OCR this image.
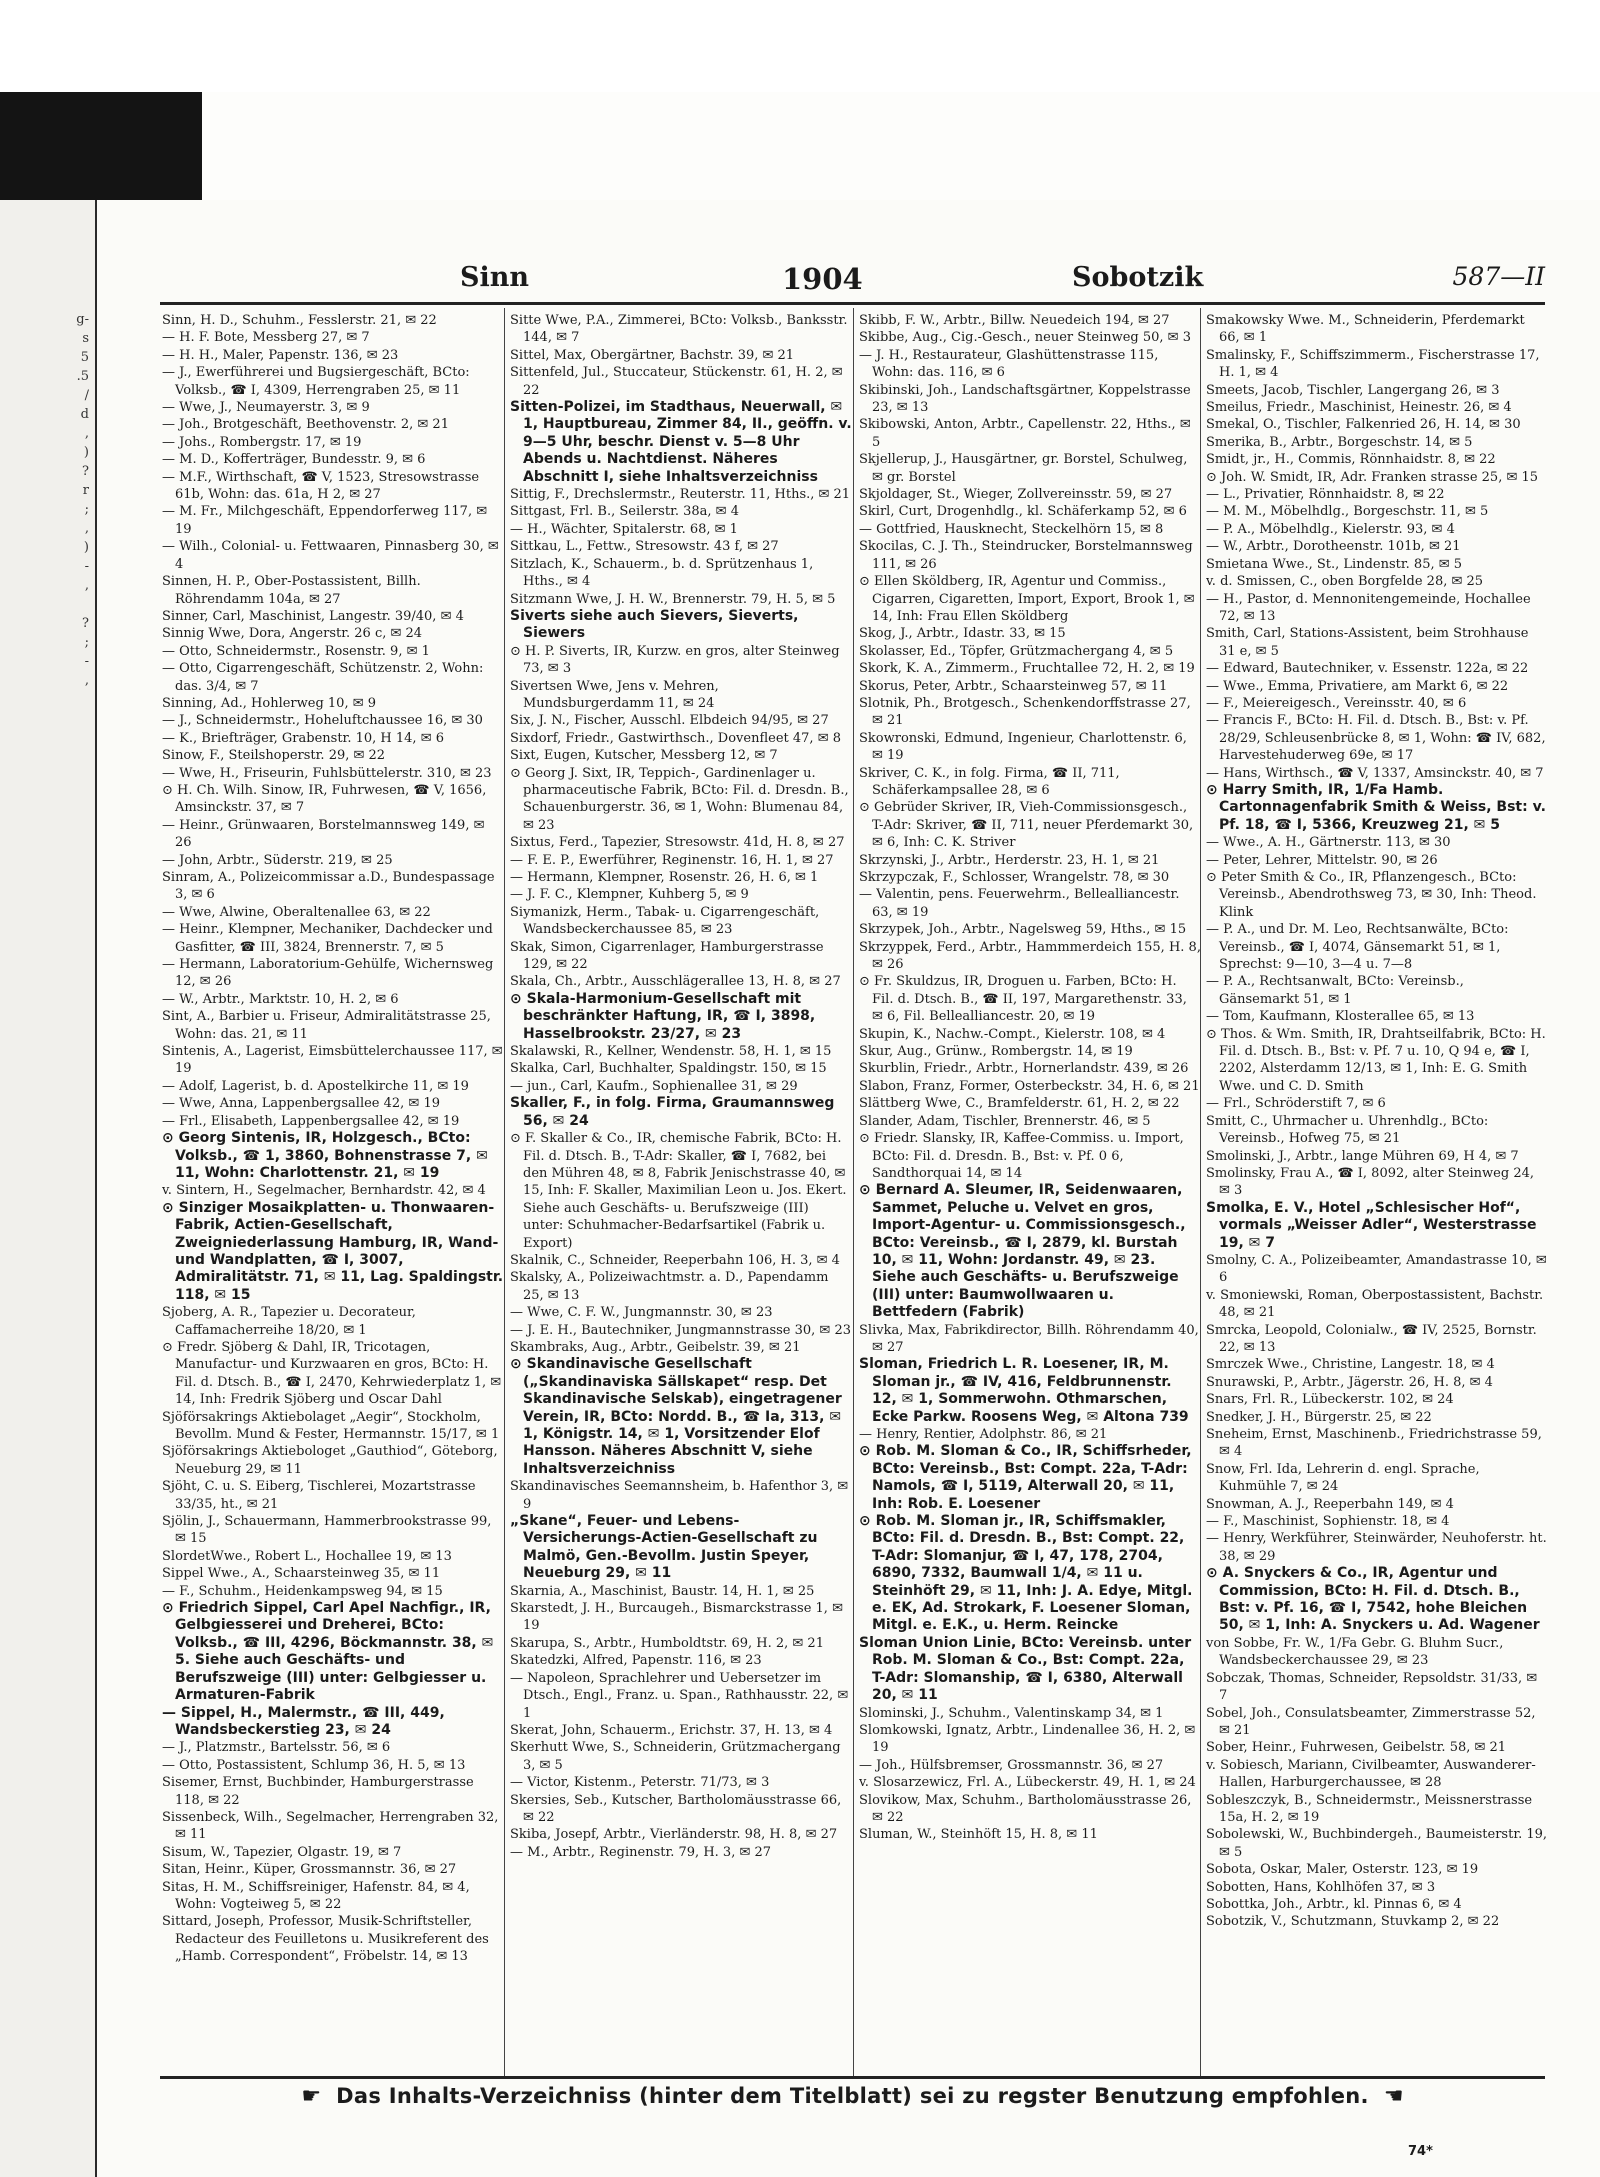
g-
s
5
.5
/
d
,
)
?
r
;
,
)
-
,

?
;
-
,
Sinn	1904	Sobotzik	587—II

Sinn, H. D., Schuhm., Fesslerstr. 21, ✉ 22

— H. F. Bote, Messberg 27, ✉ 7

— H. H., Maler, Papenstr. 136, ✉ 23

— J., Ewerführerei und Bugsiergeschäft, BCto: Volksb., ☎ I, 4309, Herrengraben 25, ✉ 11

— Wwe, J., Neumayerstr. 3, ✉ 9

— Joh., Brotgeschäft, Beethovenstr. 2, ✉ 21

— Johs., Rombergstr. 17, ✉ 19

— M. D., Kofferträger, Bundesstr. 9, ✉ 6

— M.F., Wirthschaft, ☎ V, 1523, Stresowstrasse 61b, Wohn: das. 61a, H 2, ✉ 27

— M. Fr., Milchgeschäft, Eppendorferweg 117, ✉ 19

— Wilh., Colonial- u. Fettwaaren, Pinnasberg 30, ✉ 4

Sinnen, H. P., Ober-Postassistent, Billh. Röhrendamm 104a, ✉ 27

Sinner, Carl, Maschinist, Langestr. 39/40, ✉ 4

Sinnig Wwe, Dora, Angerstr. 26 c, ✉ 24

— Otto, Schneidermstr., Rosenstr. 9, ✉ 1

— Otto, Cigarrengeschäft, Schützenstr. 2, Wohn: das. 3/4, ✉ 7

Sinning, Ad., Hohlerweg 10, ✉ 9

— J., Schneidermstr., Hoheluftchaussee 16, ✉ 30

— K., Briefträger, Grabenstr. 10, H 14, ✉ 6

Sinow, F., Steilshoperstr. 29, ✉ 22

— Wwe, H., Friseurin, Fuhlsbüttelerstr. 310, ✉ 23

⊙ H. Ch. Wilh. Sinow, IR, Fuhrwesen, ☎ V, 1656, Amsinckstr. 37, ✉ 7

— Heinr., Grünwaaren, Borstelmannsweg 149, ✉ 26

— John, Arbtr., Süderstr. 219, ✉ 25

Sinram, A., Polizeicommissar a.D., Bundespassage 3, ✉ 6

— Wwe, Alwine, Oberaltenallee 63, ✉ 22

— Heinr., Klempner, Mechaniker, Dachdecker und Gasfitter, ☎ III, 3824, Brennerstr. 7, ✉ 5

— Hermann, Laboratorium-Gehülfe, Wichernsweg 12, ✉ 26

— W., Arbtr., Marktstr. 10, H. 2, ✉ 6

Sint, A., Barbier u. Friseur, Admiralitätstrasse 25, Wohn: das. 21, ✉ 11

Sintenis, A., Lagerist, Eimsbüttelerchaussee 117, ✉ 19

— Adolf, Lagerist, b. d. Apostelkirche 11, ✉ 19

— Wwe, Anna, Lappenbergsallee 42, ✉ 19

— Frl., Elisabeth, Lappenbergsallee 42, ✉ 19

⊙ Georg Sintenis, IR, Holzgesch., BCto: Volksb., ☎ 1, 3860, Bohnenstrasse 7, ✉ 11, Wohn: Charlottenstr. 21, ✉ 19

v. Sintern, H., Segelmacher, Bernhardstr. 42, ✉ 4

⊙ Sinziger Mosaikplatten- u. Thonwaaren-Fabrik, Actien-Gesellschaft, Zweigniederlassung Hamburg, IR, Wand- und Wandplatten, ☎ I, 3007, Admiralitätstr. 71, ✉ 11, Lag. Spaldingstr. 118, ✉ 15

Sjoberg, A. R., Tapezier u. Decorateur, Caffamacherreihe 18/20, ✉ 1

⊙ Fredr. Sjöberg & Dahl, IR, Tricotagen, Manufactur- und Kurzwaaren en gros, BCto: H. Fil. d. Dtsch. B., ☎ I, 2470, Kehrwiederplatz 1, ✉ 14, Inh: Fredrik Sjöberg und Oscar Dahl

Sjöförsakrings Aktiebolaget „Aegir“, Stockholm, Bevollm. Mund & Fester, Hermannstr. 15/17, ✉ 1

Sjöförsakrings Aktiebologet „Gauthiod“, Göteborg, Neueburg 29, ✉ 11

Sjöht, C. u. S. Eiberg, Tischlerei, Mozartstrasse 33/35, ht., ✉ 21

Sjölin, J., Schauermann, Hammerbrookstrasse 99, ✉ 15

SlordetWwe., Robert L., Hochallee 19, ✉ 13

Sippel Wwe., A., Schaarsteinweg 35, ✉ 11

— F., Schuhm., Heidenkampsweg 94, ✉ 15

⊙ Friedrich Sippel, Carl Apel Nachfigr., IR, Gelbgiesserei und Dreherei, BCto: Volksb., ☎ III, 4296, Böckmannstr. 38, ✉ 5. Siehe auch Geschäfts- und Berufszweige (III) unter: Gelbgiesser u. Armaturen-Fabrik

— Sippel, H., Malermstr., ☎ III, 449, Wandsbeckerstieg 23, ✉ 24

— J., Platzmstr., Bartelsstr. 56, ✉ 6

— Otto, Postassistent, Schlump 36, H. 5, ✉ 13

Sisemer, Ernst, Buchbinder, Hamburgerstrasse 118, ✉ 22

Sissenbeck, Wilh., Segelmacher, Herrengraben 32, ✉ 11

Sisum, W., Tapezier, Olgastr. 19, ✉ 7

Sitan, Heinr., Küper, Grossmannstr. 36, ✉ 27

Sitas, H. M., Schiffsreiniger, Hafenstr. 84, ✉ 4, Wohn: Vogteiweg 5, ✉ 22

Sittard, Joseph, Professor, Musik-Schriftsteller, Redacteur des Feuilletons u. Musikreferent des „Hamb. Correspondent“, Fröbelstr. 14, ✉ 13

Sitte Wwe, P.A., Zimmerei, BCto: Volksb., Banksstr. 144, ✉ 7

Sittel, Max, Obergärtner, Bachstr. 39, ✉ 21

Sittenfeld, Jul., Stuccateur, Stückenstr. 61, H. 2, ✉ 22

Sitten-Polizei, im Stadthaus, Neuerwall, ✉ 1, Hauptbureau, Zimmer 84, II., geöffn. v. 9—5 Uhr, beschr. Dienst v. 5—8 Uhr Abends u. Nachtdienst. Näheres Abschnitt I, siehe Inhaltsverzeichniss

Sittig, F., Drechslermstr., Reuterstr. 11, Hths., ✉ 21

Sittgast, Frl. B., Seilerstr. 38a, ✉ 4

— H., Wächter, Spitalerstr. 68, ✉ 1

Sittkau, L., Fettw., Stresowstr. 43 f, ✉ 27

Sitzlach, K., Schauerm., b. d. Sprützenhaus 1, Hths., ✉ 4

Sitzmann Wwe, J. H. W., Brennerstr. 79, H. 5, ✉ 5

Siverts siehe auch Sievers, Sieverts, Siewers

⊙ H. P. Siverts, IR, Kurzw. en gros, alter Steinweg 73, ✉ 3

Sivertsen Wwe, Jens v. Mehren, Mundsburgerdamm 11, ✉ 24

Six, J. N., Fischer, Ausschl. Elbdeich 94/95, ✉ 27

Sixdorf, Friedr., Gastwirthsch., Dovenfleet 47, ✉ 8

Sixt, Eugen, Kutscher, Messberg 12, ✉ 7

⊙ Georg J. Sixt, IR, Teppich-, Gardinenlager u. pharmaceutische Fabrik, BCto: Fil. d. Dresdn. B., Schauenburgerstr. 36, ✉ 1, Wohn: Blumenau 84, ✉ 23

Sixtus, Ferd., Tapezier, Stresowstr. 41d, H. 8, ✉ 27

— F. E. P., Ewerführer, Reginenstr. 16, H. 1, ✉ 27

— Hermann, Klempner, Rosenstr. 26, H. 6, ✉ 1

— J. F. C., Klempner, Kuhberg 5, ✉ 9

Siymanizk, Herm., Tabak- u. Cigarrengeschäft, Wandsbeckerchaussee 85, ✉ 23

Skak, Simon, Cigarrenlager, Hamburgerstrasse 129, ✉ 22

Skala, Ch., Arbtr., Ausschlägerallee 13, H. 8, ✉ 27

⊙ Skala-Harmonium-Gesellschaft mit beschränkter Haftung, IR, ☎ I, 3898, Hasselbrookstr. 23/27, ✉ 23

Skalawski, R., Kellner, Wendenstr. 58, H. 1, ✉ 15

Skalka, Carl, Buchhalter, Spaldingstr. 150, ✉ 15

— jun., Carl, Kaufm., Sophienallee 31, ✉ 29

Skaller, F., in folg. Firma, Graumannsweg 56, ✉ 24

⊙ F. Skaller & Co., IR, chemische Fabrik, BCto: H. Fil. d. Dtsch. B., T-Adr: Skaller, ☎ I, 7682, bei den Mühren 48, ✉ 8, Fabrik Jenischstrasse 40, ✉ 15, Inh: F. Skaller, Maximilian Leon u. Jos. Ekert. Siehe auch Geschäfts- u. Berufszweige (III) unter: Schuhmacher-Bedarfsartikel (Fabrik u. Export)

Skalnik, C., Schneider, Reeperbahn 106, H. 3, ✉ 4

Skalsky, A., Polizeiwachtmstr. a. D., Papendamm 25, ✉ 13

— Wwe, C. F. W., Jungmannstr. 30, ✉ 23

— J. E. H., Bautechniker, Jungmannstrasse 30, ✉ 23

Skambraks, Aug., Arbtr., Geibelstr. 39, ✉ 21

⊙ Skandinavische Gesellschaft („Skandinaviska Sällskapet“ resp. Det Skandinavische Selskab), eingetragener Verein, IR, BCto: Nordd. B., ☎ Ia, 313, ✉ 1, Königstr. 14, ✉ 1, Vorsitzender Elof Hansson. Näheres Abschnitt V, siehe Inhaltsverzeichniss

Skandinavisches Seemannsheim, b. Hafenthor 3, ✉ 9

„Skane“, Feuer- und Lebens-Versicherungs-Actien-Gesellschaft zu Malmö, Gen.-Bevollm. Justin Speyer, Neueburg 29, ✉ 11

Skarnia, A., Maschinist, Baustr. 14, H. 1, ✉ 25

Skarstedt, J. H., Burcaugeh., Bismarckstrasse 1, ✉ 19

Skarupa, S., Arbtr., Humboldtstr. 69, H. 2, ✉ 21

Skatedzki, Alfred, Papenstr. 116, ✉ 23

— Napoleon, Sprachlehrer und Uebersetzer im Dtsch., Engl., Franz. u. Span., Rathhausstr. 22, ✉ 1

Skerat, John, Schauerm., Erichstr. 37, H. 13, ✉ 4

Skerhutt Wwe, S., Schneiderin, Grützmachergang 3, ✉ 5

— Victor, Kistenm., Peterstr. 71/73, ✉ 3

Skersies, Seb., Kutscher, Bartholomäusstrasse 66, ✉ 22

Skiba, Josepf, Arbtr., Vierländerstr. 98, H. 8, ✉ 27

— M., Arbtr., Reginenstr. 79, H. 3, ✉ 27

Skibb, F. W., Arbtr., Billw. Neuedeich 194, ✉ 27

Skibbe, Aug., Cig.-Gesch., neuer Steinweg 50, ✉ 3

— J. H., Restaurateur, Glashüttenstrasse 115, Wohn: das. 116, ✉ 6

Skibinski, Joh., Landschaftsgärtner, Koppelstrasse 23, ✉ 13

Skibowski, Anton, Arbtr., Capellenstr. 22, Hths., ✉ 5

Skjellerup, J., Hausgärtner, gr. Borstel, Schulweg, ✉ gr. Borstel

Skjoldager, St., Wieger, Zollvereinsstr. 59, ✉ 27

Skirl, Curt, Drogenhdlg., kl. Schäferkamp 52, ✉ 6

— Gottfried, Hausknecht, Steckelhörn 15, ✉ 8

Skocilas, C. J. Th., Steindrucker, Borstelmannsweg 111, ✉ 26

⊙ Ellen Sköldberg, IR, Agentur und Commiss., Cigarren, Cigaretten, Import, Export, Brook 1, ✉ 14, Inh: Frau Ellen Sköldberg

Skog, J., Arbtr., Idastr. 33, ✉ 15

Skolasser, Ed., Töpfer, Grützmachergang 4, ✉ 5

Skork, K. A., Zimmerm., Fruchtallee 72, H. 2, ✉ 19

Skorus, Peter, Arbtr., Schaarsteinweg 57, ✉ 11

Slotnik, Ph., Brotgesch., Schenkendorffstrasse 27, ✉ 21

Skowronski, Edmund, Ingenieur, Charlottenstr. 6, ✉ 19

Skriver, C. K., in folg. Firma, ☎ II, 711, Schäferkampsallee 28, ✉ 6

⊙ Gebrüder Skriver, IR, Vieh-Commissionsgesch., T-Adr: Skriver, ☎ II, 711, neuer Pferdemarkt 30, ✉ 6, Inh: C. K. Striver

Skrzynski, J., Arbtr., Herderstr. 23, H. 1, ✉ 21

Skrzypczak, F., Schlosser, Wrangelstr. 78, ✉ 30

— Valentin, pens. Feuerwehrm., Bellealliancestr. 63, ✉ 19

Skrzypek, Joh., Arbtr., Nagelsweg 59, Hths., ✉ 15

Skrzyppek, Ferd., Arbtr., Hammmerdeich 155, H. 8, ✉ 26

⊙ Fr. Skuldzus, IR, Droguen u. Farben, BCto: H. Fil. d. Dtsch. B., ☎ II, 197, Margarethenstr. 33, ✉ 6, Fil. Bellealliancestr. 20, ✉ 19

Skupin, K., Nachw.-Compt., Kielerstr. 108, ✉ 4

Skur, Aug., Grünw., Rombergstr. 14, ✉ 19

Skurblin, Friedr., Arbtr., Hornerlandstr. 439, ✉ 26

Slabon, Franz, Former, Osterbeckstr. 34, H. 6, ✉ 21

Slättberg Wwe, C., Bramfelderstr. 61, H. 2, ✉ 22

Slander, Adam, Tischler, Brennerstr. 46, ✉ 5

⊙ Friedr. Slansky, IR, Kaffee-Commiss. u. Import, BCto: Fil. d. Dresdn. B., Bst: v. Pf. 0 6, Sandthorquai 14, ✉ 14

⊙ Bernard A. Sleumer, IR, Seidenwaaren, Sammet, Peluche u. Velvet en gros, Import-Agentur- u. Commissionsgesch., BCto: Vereinsb., ☎ I, 2879, kl. Burstah 10, ✉ 11, Wohn: Jordanstr. 49, ✉ 23. Siehe auch Geschäfts- u. Berufszweige (III) unter: Baumwollwaaren u. Bettfedern (Fabrik)

Slivka, Max, Fabrikdirector, Billh. Röhrendamm 40, ✉ 27

Sloman, Friedrich L. R. Loesener, IR, M. Sloman jr., ☎ IV, 416, Feldbrunnenstr. 12, ✉ 1, Sommerwohn. Othmarschen, Ecke Parkw. Roosens Weg, ✉ Altona 739

— Henry, Rentier, Adolphstr. 86, ✉ 21

⊙ Rob. M. Sloman & Co., IR, Schiffsrheder, BCto: Vereinsb., Bst: Compt. 22a, T-Adr: Namols, ☎ I, 5119, Alterwall 20, ✉ 11, Inh: Rob. E. Loesener

⊙ Rob. M. Sloman jr., IR, Schiffsmakler, BCto: Fil. d. Dresdn. B., Bst: Compt. 22, T-Adr: Slomanjur, ☎ I, 47, 178, 2704, 6890, 7332, Baumwall 1/4, ✉ 11 u. Steinhöft 29, ✉ 11, Inh: J. A. Edye, Mitgl. e. EK, Ad. Strokark, F. Loesener Sloman, Mitgl. e. E.K., u. Herm. Reincke

Sloman Union Linie, BCto: Vereinsb. unter Rob. M. Sloman & Co., Bst: Compt. 22a, T-Adr: Slomanship, ☎ I, 6380, Alterwall 20, ✉ 11

Slominski, J., Schuhm., Valentinskamp 34, ✉ 1

Slomkowski, Ignatz, Arbtr., Lindenallee 36, H. 2, ✉ 19

— Joh., Hülfsbremser, Grossmannstr. 36, ✉ 27

v. Slosarzewicz, Frl. A., Lübeckerstr. 49, H. 1, ✉ 24

Slovikow, Max, Schuhm., Bartholomäusstrasse 26, ✉ 22

Sluman, W., Steinhöft 15, H. 8, ✉ 11

Smakowsky Wwe. M., Schneiderin, Pferdemarkt 66, ✉ 1

Smalinsky, F., Schiffszimmerm., Fischerstrasse 17, H. 1, ✉ 4

Smeets, Jacob, Tischler, Langergang 26, ✉ 3

Smeilus, Friedr., Maschinist, Heinestr. 26, ✉ 4

Smekal, O., Tischler, Falkenried 26, H. 14, ✉ 30

Smerika, B., Arbtr., Borgeschstr. 14, ✉ 5

Smidt, jr., H., Commis, Rönnhaidstr. 8, ✉ 22

⊙ Joh. W. Smidt, IR, Adr. Franken strasse 25, ✉ 15

— L., Privatier, Rönnhaidstr. 8, ✉ 22

— M. M., Möbelhdlg., Borgeschstr. 11, ✉ 5

— P. A., Möbelhdlg., Kielerstr. 93, ✉ 4

— W., Arbtr., Dorotheenstr. 101b, ✉ 21

Smietana Wwe., St., Lindenstr. 85, ✉ 5

v. d. Smissen, C., oben Borgfelde 28, ✉ 25

— H., Pastor, d. Mennonitengemeinde, Hochallee 72, ✉ 13

Smith, Carl, Stations-Assistent, beim Strohhause 31 e, ✉ 5

— Edward, Bautechniker, v. Essenstr. 122a, ✉ 22

— Wwe., Emma, Privatiere, am Markt 6, ✉ 22

— F., Meiereigesch., Vereinsstr. 40, ✉ 6

— Francis F., BCto: H. Fil. d. Dtsch. B., Bst: v. Pf. 28/29, Schleusenbrücke 8, ✉ 1, Wohn: ☎ IV, 682, Harvestehuderweg 69e, ✉ 17

— Hans, Wirthsch., ☎ V, 1337, Amsinckstr. 40, ✉ 7

⊙ Harry Smith, IR, 1/Fa Hamb. Cartonnagenfabrik Smith & Weiss, Bst: v. Pf. 18, ☎ I, 5366, Kreuzweg 21, ✉ 5

— Wwe., A. H., Gärtnerstr. 113, ✉ 30

— Peter, Lehrer, Mittelstr. 90, ✉ 26

⊙ Peter Smith & Co., IR, Pflanzengesch., BCto: Vereinsb., Abendrothsweg 73, ✉ 30, Inh: Theod. Klink

— P. A., und Dr. M. Leo, Rechtsanwälte, BCto: Vereinsb., ☎ I, 4074, Gänsemarkt 51, ✉ 1, Sprechst: 9—10, 3—4 u. 7—8

— P. A., Rechtsanwalt, BCto: Vereinsb., Gänsemarkt 51, ✉ 1

— Tom, Kaufmann, Klosterallee 65, ✉ 13

⊙ Thos. & Wm. Smith, IR, Drahtseilfabrik, BCto: H. Fil. d. Dtsch. B., Bst: v. Pf. 7 u. 10, Q 94 e, ☎ I, 2202, Alsterdamm 12/13, ✉ 1, Inh: E. G. Smith Wwe. und C. D. Smith

— Frl., Schröderstift 7, ✉ 6

Smitt, C., Uhrmacher u. Uhrenhdlg., BCto: Vereinsb., Hofweg 75, ✉ 21

Smolinski, J., Arbtr., lange Mühren 69, H 4, ✉ 7

Smolinsky, Frau A., ☎ I, 8092, alter Steinweg 24, ✉ 3

Smolka, E. V., Hotel „Schlesischer Hof“, vormals „Weisser Adler“, Westerstrasse 19, ✉ 7

Smolny, C. A., Polizeibeamter, Amandastrasse 10, ✉ 6

v. Smoniewski, Roman, Oberpostassistent, Bachstr. 48, ✉ 21

Smrcka, Leopold, Colonialw., ☎ IV, 2525, Bornstr. 22, ✉ 13

Smrczek Wwe., Christine, Langestr. 18, ✉ 4

Snurawski, P., Arbtr., Jägerstr. 26, H. 8, ✉ 4

Snars, Frl. R., Lübeckerstr. 102, ✉ 24

Snedker, J. H., Bürgerstr. 25, ✉ 22

Sneheim, Ernst, Maschinenb., Friedrichstrasse 59, ✉ 4

Snow, Frl. Ida, Lehrerin d. engl. Sprache, Kuhmühle 7, ✉ 24

Snowman, A. J., Reeperbahn 149, ✉ 4

— F., Maschinist, Sophienstr. 18, ✉ 4

— Henry, Werkführer, Steinwärder, Neuhoferstr. ht. 38, ✉ 29

⊙ A. Snyckers & Co., IR, Agentur und Commission, BCto: H. Fil. d. Dtsch. B., Bst: v. Pf. 16, ☎ I, 7542, hohe Bleichen 50, ✉ 1, Inh: A. Snyckers u. Ad. Wagener

von Sobbe, Fr. W., 1/Fa Gebr. G. Bluhm Sucr., Wandsbeckerchaussee 29, ✉ 23

Sobczak, Thomas, Schneider, Repsoldstr. 31/33, ✉ 7

Sobel, Joh., Consulatsbeamter, Zimmerstrasse 52, ✉ 21

Sober, Heinr., Fuhrwesen, Geibelstr. 58, ✉ 21

v. Sobiesch, Mariann, Civilbeamter, Auswanderer-Hallen, Harburgerchaussee, ✉ 28

Sobleszczyk, B., Schneidermstr., Meissnerstrasse 15a, H. 2, ✉ 19

Sobolewski, W., Buchbindergeh., Baumeisterstr. 19, ✉ 5

Sobota, Oskar, Maler, Osterstr. 123, ✉ 19

Sobotten, Hans, Kohlhöfen 37, ✉ 3

Sobottka, Joh., Arbtr., kl. Pinnas 6, ✉ 4

Sobotzik, V., Schutzmann, Stuvkamp 2, ✉ 22

☛ Das Inhalts-Verzeichniss (hinter dem Titelblatt) sei zu regster Benutzung empfohlen. ☚
74*
